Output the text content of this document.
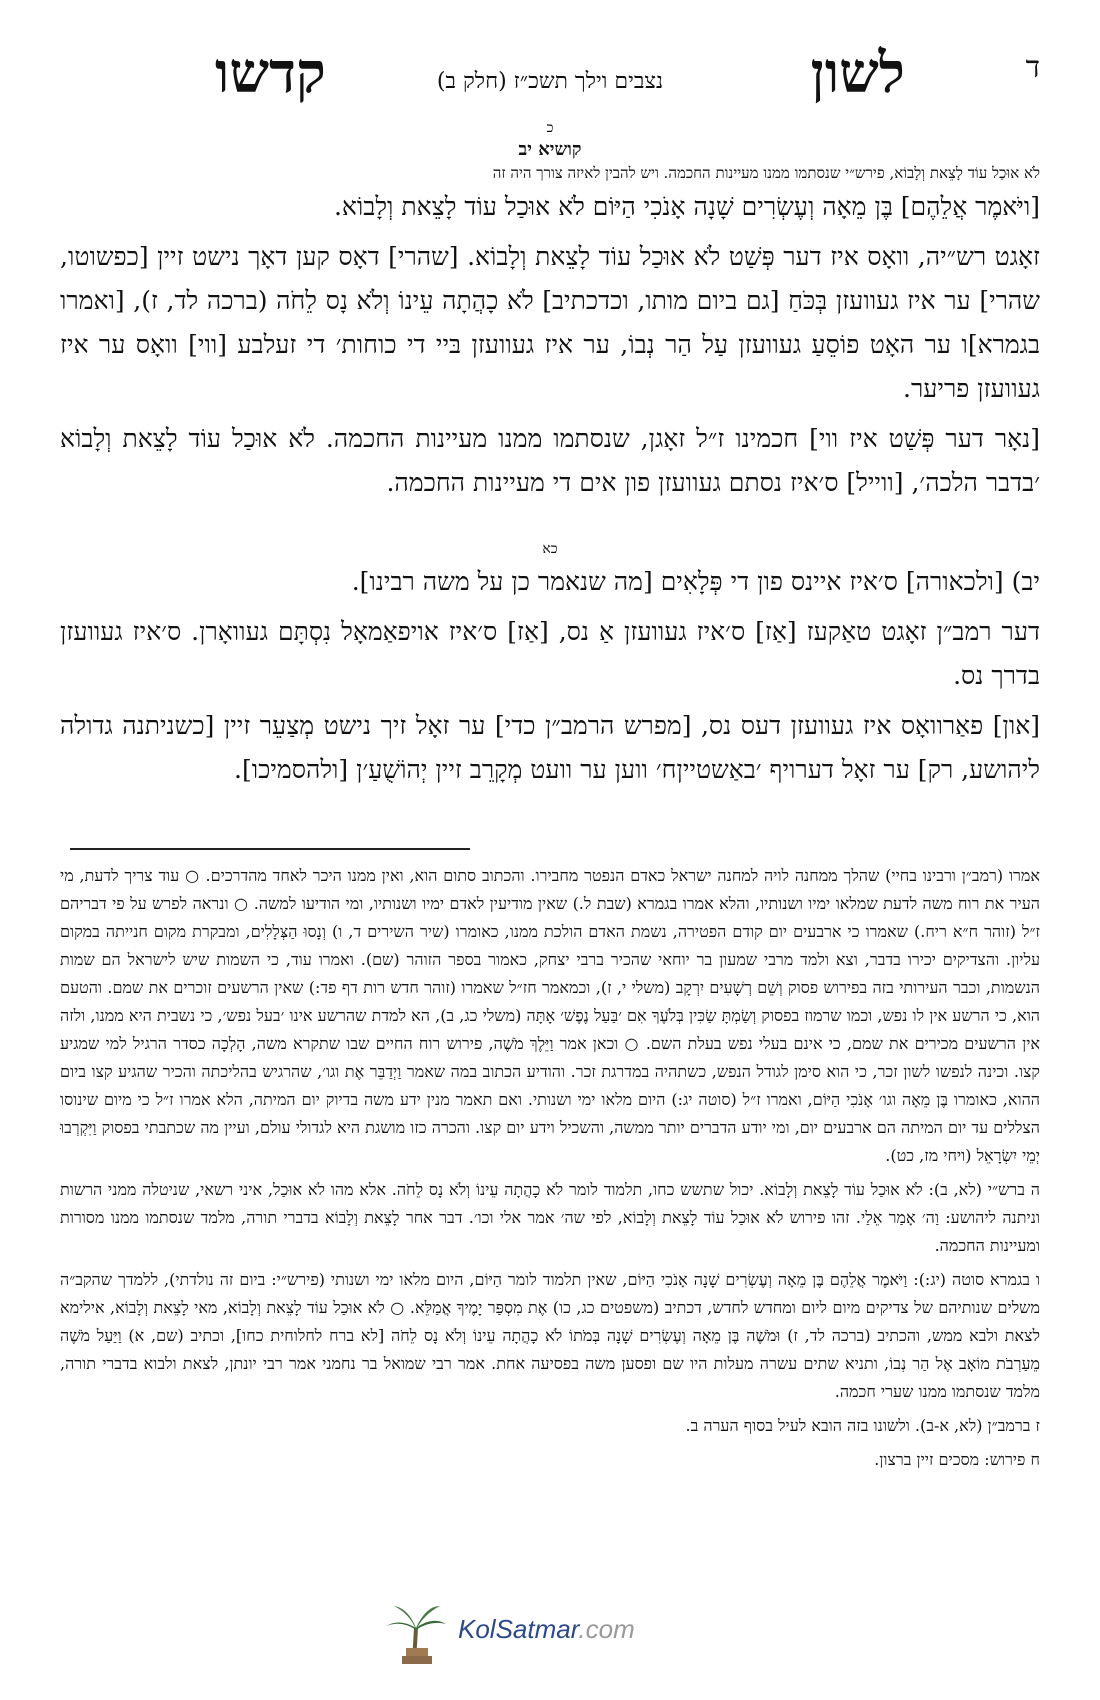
ד
לשון
נצבים וילך תשכ״ז (חלק ב)
קדשו
כ
קושיא יב
לֹא אוּכַל עוֹד לָצֵאת וְלָבוֹא, פירש״י שנסתמו ממנו מעיינות החכמה. ויש להבין לאיזה צורך היה זה

[ויֹּאמֶר אֲלֵהֶם] בֶּן מֵאָה וְעֶשְׂרִים שָׁנָה אָנֹכִי הַיּוֹם לֹא אוּכַל עוֹד לָצֵאת וְלָבוֹא.

זאָגט רש״יה, וואָס איז דער פְּשַׁט לֹא אוּכַל עוֹד לָצֵאת וְלָבוֹא. [שהרי] דאָס קען דאָך נישט זיין [כפשוטו, שהרי] ער איז געוועזן בְּכֹּחַ [גם ביום מותו, וכדכתיב] לֹא כָהֲתָה עֵינוֹ וְלֹא נָס לֵחֹה (ברכה לד, ז), [ואמרו בגמרא]ו ער האָט פוֹסֵעַ געוועזן עַל הַר נְבוֹ, ער איז געוועזן בּיי די כוחות׳ די זעלבע [ווי] וואָס ער איז געוועזן פריער.

[נאָר דער פְּשַׁט איז ווי] חכמינו ז״ל זאָגן, שנסתמו ממנו מעיינות החכמה. לֹא אוּכַל עוֹד לָצֵאת וְלָבוֹא ׳בדבר הלכה׳, [ווייל] ס׳איז נסתם געוועזן פון אים די מעיינות החכמה.

כא

יב) [ולכאורה] ס׳איז איינס פון די פְּלָאִים [מה שנאמר כן על משה רבינו].

דער רמב״ן זאָגט טאַקעז [אַז] ס׳איז געוועזן אַ נס, [אַז] ס׳איז אויפאַמאָל נִסְתָּם געוואָרן. ס׳איז געוועזן בדרך נס.

[און] פאַרוואָס איז געוועזן דעס נס, [מפרש הרמב״ן כדי] ער זאָל זיך נישט מְצַעֵר זיין [כשניתנה גדולה ליהושע, רק] ער זאָל דערויף ׳באַשטייןח׳ ווען ער וועט מְקָרֵב זיין יְהוֹשֻׁעַ׳ן [ולהסמיכו].

אמרו (רמב״ן ורבינו בחיי) שהלך ממחנה לויה למחנה ישראל כאדם הנפטר מחבירו. והכתוב סתום הוא, ואין ממנו היכר לאחד מהדרכים. ○ עוד צריך לדעת, מי העיר את רוח משה לדעת שמלאו ימיו ושנותיו, והלא אמרו בגמרא (שבת ל.) שאין מודיעין לאדם ימיו ושנותיו, ומי הודיעו למשה. ○ ונראה לפרש על פי דבריהם ז״ל (זוהר ח״א ריח.) שאמרו כי ארבעים יום קודם הפטירה, נשמת האדם הולכת ממנו, כאומרו (שיר השירים ד, ו) וְנָסוּ הַצְּלָלִים, ומבקרת מקום חנייתה במקום עליון. והצדיקים יכירו בדבר, וצא ולמד מרבי שמעון בר יוחאי שהכיר ברבי יצחק, כאמור בספר הזוהר (שם). ואמרו עוד, כי השמות שיש לישראל הם שמות הנשמות, וכבר העירותי בזה בפירוש פסוק וְשֵׁם רְשָׁעִים יִרְקָב (משלי י, ז), וכמאמר חז״ל שאמרו (זוהר חדש רות דף פד:) שאין הרשעים זוכרים את שמם. והטעם הוא, כי הרשע אין לו נפש, וכמו שרמוז בפסוק וְשַׂמְתָּ שַׂכִּין בְּלֹעֶךָ אִם ׳בַּעַל נֶפֶשׁ׳ אָתָּה (משלי כג, ב), הא למדת שהרשע אינו ׳בעל נפש׳, כי נשבית היא ממנו, ולזה אין הרשעים מכירים את שמם, כי אינם בעלי נפש בעלת השם. ○ וכאן אמר וַיֵּלֶךְ מֹשֶׁה, פירוש רוח החיים שבו שתקרא משה, הָלְכָה כסדר הרגיל למי שמגיע קצו. וכינה לנפשו לשון זכר, כי הוא סימן לגודל הנפש, כשתהיה במדרגת זכר. והודיע הכתוב במה שאמר וַיְדַבֵּר אֶת וגו׳, שהרגיש בהליכתה והכיר שהגיע קצו ביום ההוא, כאומרו בֶּן מֵאָה וגו׳ אָנֹכִי הַיּוֹם, ואמרו ז״ל (סוטה יג:) היום מלאו ימי ושנותי. ואם תאמר מנין ידע משה בדיוק יום המיתה, הלא אמרו ז״ל כי מיום שינוסו הצללים עד יום המיתה הם ארבעים יום, ומי יודע הדברים יותר ממשה, והשכיל וידע יום קצו. והכרה כזו מושגת היא לגדולי עולם, ועיין מה שכתבתי בפסוק וַיִּקְרְבוּ יְמֵי יִשְׂרָאֵל (ויחי מז, כט).

ה ברש״י (לא, ב): לֹא אוּכַל עוֹד לָצֵאת וְלָבוֹא. יכול שתשש כחו, תלמוד לומר לֹא כָהֲתָה עֵינוֹ וְלֹא נָס לֵחֹה. אלא מהו לֹא אוּכַל, איני רשאי, שניטלה ממני הרשות וניתנה ליהושע: וַה׳ אָמַר אֵלַי. זהו פירוש לֹא אוּכַל עוֹד לָצֵאת וְלָבוֹא, לפי שה׳ אמר אלי וכו׳. דבר אחר לָצֵאת וְלָבוֹא בדברי תורה, מלמד שנסתמו ממנו מסורות ומעיינות החכמה.

ו בגמרא סוטה (יג:): וַיֹּאמֶר אֲלֵהֶם בֶּן מֵאָה וְעֶשְׂרִים שָׁנָה אָנֹכִי הַיּוֹם, שאין תלמוד לומר הַיּוֹם, היום מלאו ימי ושנותי (פירש״י: ביום זה נולדתי), ללמדך שהקב״ה משלים שנותיהם של צדיקים מיום ליום ומחדש לחדש, דכתיב (משפטים כג, כו) אֶת מִסְפַּר יָמֶיךָ אֲמַלֵּא. ○ לֹא אוּכַל עוֹד לָצֵאת וְלָבוֹא, מאי לָצֵאת וְלָבוֹא, אילימא לצאת ולבא ממש, והכתיב (ברכה לד, ז) וּמֹשֶׁה בֶּן מֵאָה וְעֶשְׂרִים שָׁנָה בְּמֹתוֹ לֹא כָהֲתָה עֵינוֹ וְלֹא נָס לֵחֹה [לא ברח לחלוחית כחו], וכתיב (שם, א) וַיַּעַל מֹשֶׁה מֵעַרְבֹת מוֹאָב אֶל הַר נְבוֹ, ותניא שתים עשרה מעלות היו שם ופסען משה בפסיעה אחת. אמר רבי שמואל בר נחמני אמר רבי יונתן, לצאת ולבוא בדברי תורה, מלמד שנסתמו ממנו שערי חכמה.

ז ברמב״ן (לא, א-ב). ולשונו בזה הובא לעיל בסוף הערה ב.

ח פירוש: מסכים זיין ברצון.

KolSatmar.com
